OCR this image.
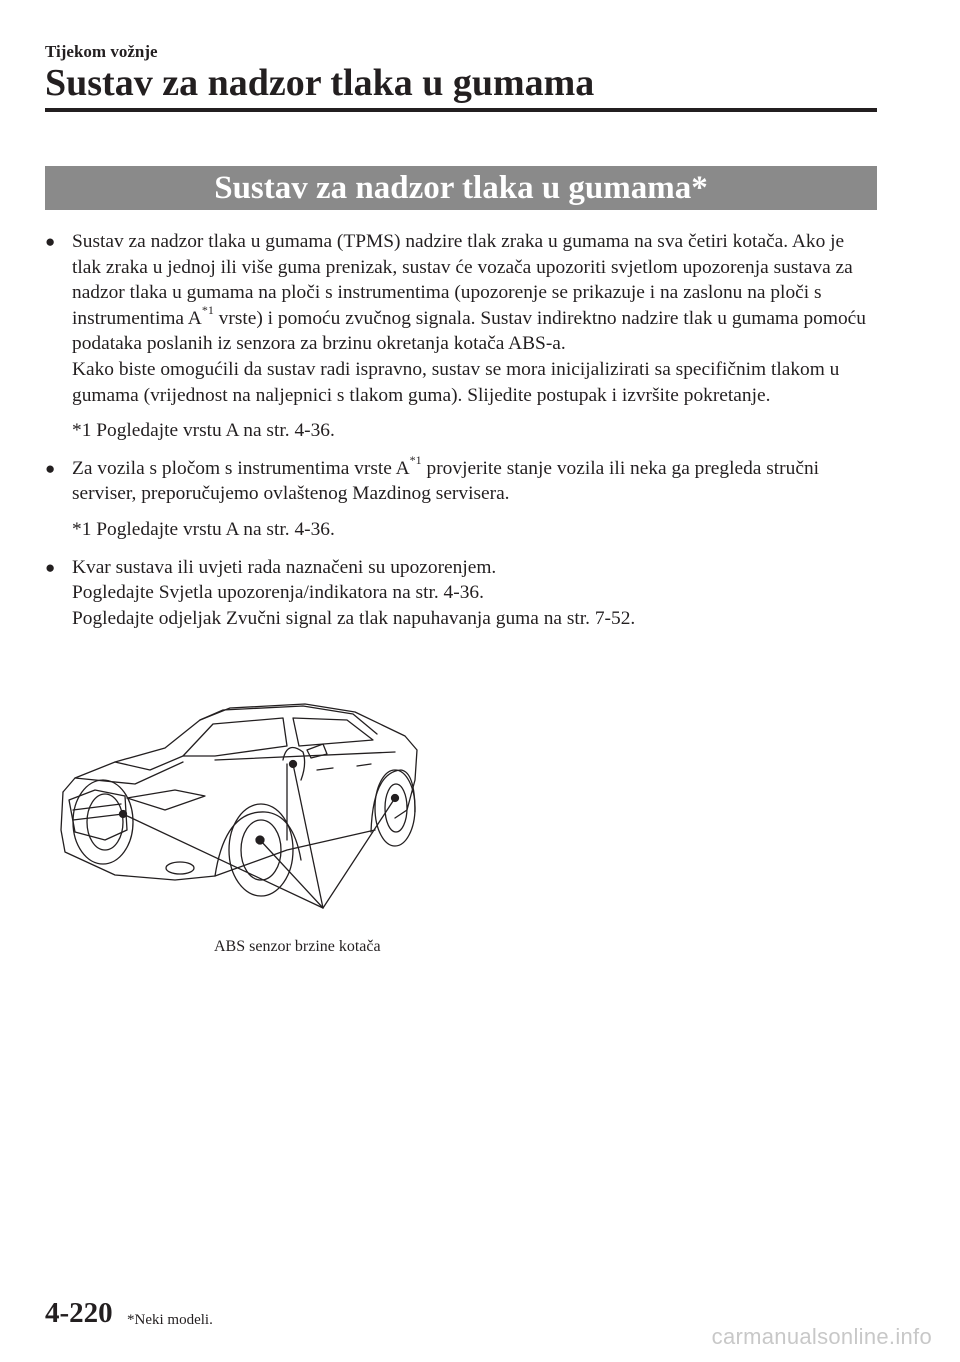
Tijekom vožnje
Sustav za nadzor tlaka u gumama
Sustav za nadzor tlaka u gumama*
● Sustav za nadzor tlaka u gumama (TPMS) nadzire tlak zraka u gumama na sva četiri kotača. Ako je tlak zraka u jednoj ili više guma prenizak, sustav će vozača upozoriti svjetlom upozorenja sustava za nadzor tlaka u gumama na ploči s instrumentima (upozorenje se prikazuje i na zaslonu na ploči s instrumentima $A^{*1}$ vrste) i pomoću zvučnog signala. Sustav indirektno nadzire tlak u gumama pomoću podataka poslanih iz senzora za brzinu okretanja kotača ABS-a.

Kako biste omogućili da sustav radi ispravno, sustav se mora inicijalizirati sa specifičnim tlakom u gumama (vrijednost na naljepnici s tlakom guma). Slijedite postupak i izvršite pokretanje.

*1 Pogledajte vrstu A na str. 4-36.
● Za vozila s pločom s instrumentima vrste $A^{*1}$ provjerite stanje vozila ili neka ga pregleda stručni serviser, preporučujemo ovlaštenog Mazdinog servisera.

*1 Pogledajte vrstu A na str. 4-36.
● Kvar sustava ili uvjeti rada naznačeni su upozorenjem.

Pogledajte Svjetla upozorenja/indikatora na str. 4-36.

Pogledajte odjeljak Zvučni signal za tlak napuhavanja guma na str. 7-52.

ABS senzor brzine kotača
4-220 *Neki modeli.
carmanualsonline.info
